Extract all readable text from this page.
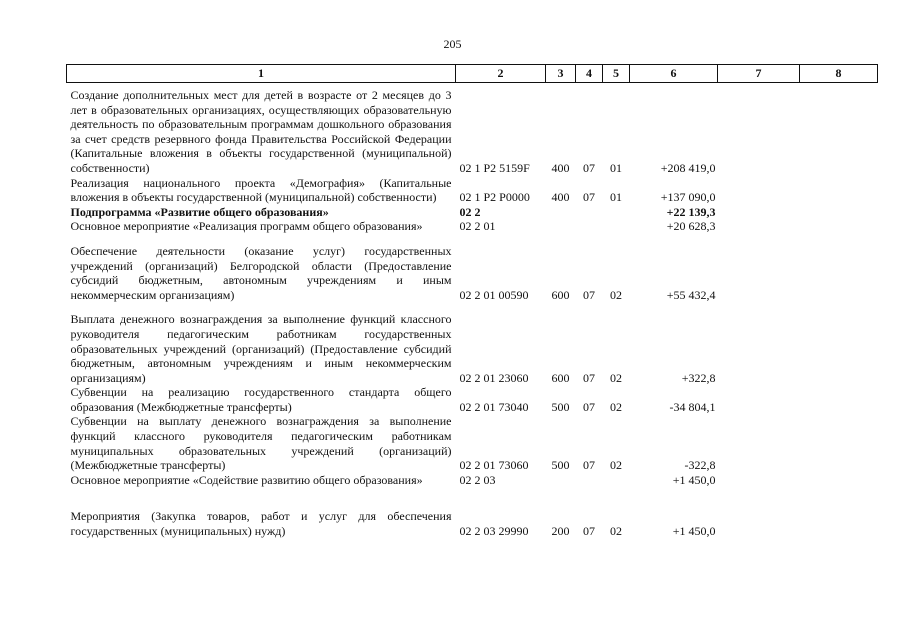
205
1	2	3	4	5	6	7	8
Создание дополнительных мест для детей в возрасте от 2 месяцев до 3 лет в образовательных организациях, осуществляющих образовательную деятельность по образовательным программам дошкольного образования за счет средств резервного фонда Правительства Российской Федерации (Капитальные вложения в объекты государственной (муниципальной) собственности)	02 1 P2 5159F	400	07	01	+208 419,0		
Реализация национального проекта «Демография» (Капитальные вложения в объекты государственной (муниципальной) собственности)	02 1 P2 P0000	400	07	01	+137 090,0		
Подпрограмма «Развитие общего образования»	02 2				+22 139,3		
Основное мероприятие «Реализация программ общего образования»	02 2 01				+20 628,3		
Обеспечение деятельности (оказание услуг) государственных учреждений (организаций) Белгородской области (Предоставление субсидий бюджетным, автономным учреждениям и иным некоммерческим организациям)	02 2 01 00590	600	07	02	+55 432,4		
Выплата денежного вознаграждения за выполнение функций классного руководителя педагогическим работникам государственных образовательных учреждений (организаций) (Предоставление субсидий бюджетным, автономным учреждениям и иным некоммерческим организациям)	02 2 01 23060	600	07	02	+322,8		
Субвенции на реализацию государственного стандарта общего образования (Межбюджетные трансферты)	02 2 01 73040	500	07	02	-34 804,1		
Субвенции на выплату денежного вознаграждения за выполнение функций классного руководителя педагогическим работникам муниципальных образовательных учреждений (организаций) (Межбюджетные трансферты)	02 2 01 73060	500	07	02	-322,8		
Основное мероприятие «Содействие развитию общего образования»	02 2 03				+1 450,0		
Мероприятия (Закупка товаров, работ и услуг для обеспечения государственных (муниципальных) нужд)	02 2 03 29990	200	07	02	+1 450,0		
